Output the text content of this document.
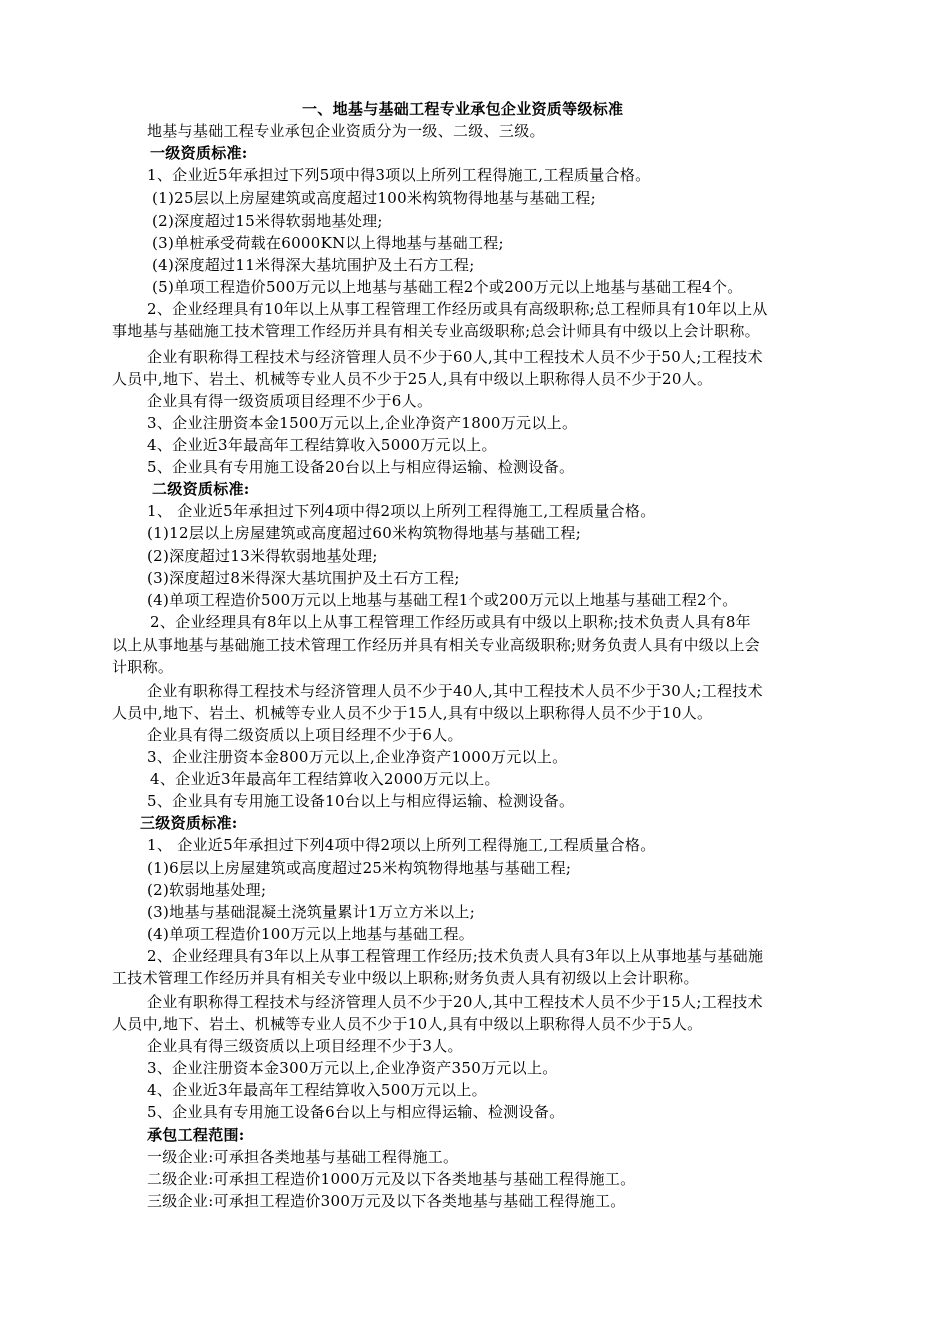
一、地基与基础工程专业承包企业资质等级标准
地基与基础工程专业承包企业资质分为一级、二级、三级。
一级资质标准:
1、企业近5年承担过下列5项中得3项以上所列工程得施工,工程质量合格。
(1)25层以上房屋建筑或高度超过100米构筑物得地基与基础工程;
(2)深度超过15米得软弱地基处理;
(3)单桩承受荷载在6000KN以上得地基与基础工程;
(4)深度超过11米得深大基坑围护及土石方工程;
(5)单项工程造价500万元以上地基与基础工程2个或200万元以上地基与基础工程4个。
2、企业经理具有10年以上从事工程管理工作经历或具有高级职称;总工程师具有10年以上从
事地基与基础施工技术管理工作经历并具有相关专业高级职称;总会计师具有中级以上会计职称。
企业有职称得工程技术与经济管理人员不少于60人,其中工程技术人员不少于50人;工程技术
人员中,地下、岩土、机械等专业人员不少于25人,具有中级以上职称得人员不少于20人。
企业具有得一级资质项目经理不少于6人。
3、企业注册资本金1500万元以上,企业净资产1800万元以上。
4、企业近3年最高年工程结算收入5000万元以上。
5、企业具有专用施工设备20台以上与相应得运输、检测设备。
二级资质标准:
1、 企业近5年承担过下列4项中得2项以上所列工程得施工,工程质量合格。
(1)12层以上房屋建筑或高度超过60米构筑物得地基与基础工程;
(2)深度超过13米得软弱地基处理;
(3)深度超过8米得深大基坑围护及土石方工程;
(4)单项工程造价500万元以上地基与基础工程1个或200万元以上地基与基础工程2个。
2、企业经理具有8年以上从事工程管理工作经历或具有中级以上职称;技术负责人具有8年
以上从事地基与基础施工技术管理工作经历并具有相关专业高级职称;财务负责人具有中级以上会
计职称。
企业有职称得工程技术与经济管理人员不少于40人,其中工程技术人员不少于30人;工程技术
人员中,地下、岩土、机械等专业人员不少于15人,具有中级以上职称得人员不少于10人。
企业具有得二级资质以上项目经理不少于6人。
3、企业注册资本金800万元以上,企业净资产1000万元以上。
4、企业近3年最高年工程结算收入2000万元以上。
5、企业具有专用施工设备10台以上与相应得运输、检测设备。
三级资质标准:
1、 企业近5年承担过下列4项中得2项以上所列工程得施工,工程质量合格。
(1)6层以上房屋建筑或高度超过25米构筑物得地基与基础工程;
(2)软弱地基处理;
(3)地基与基础混凝土浇筑量累计1万立方米以上;
(4)单项工程造价100万元以上地基与基础工程。
2、企业经理具有3年以上从事工程管理工作经历;技术负责人具有3年以上从事地基与基础施
工技术管理工作经历并具有相关专业中级以上职称;财务负责人具有初级以上会计职称。
企业有职称得工程技术与经济管理人员不少于20人,其中工程技术人员不少于15人;工程技术
人员中,地下、岩土、机械等专业人员不少于10人,具有中级以上职称得人员不少于5人。
企业具有得三级资质以上项目经理不少于3人。
3、企业注册资本金300万元以上,企业净资产350万元以上。
4、企业近3年最高年工程结算收入500万元以上。
5、企业具有专用施工设备6台以上与相应得运输、检测设备。
承包工程范围:
一级企业:可承担各类地基与基础工程得施工。
二级企业:可承担工程造价1000万元及以下各类地基与基础工程得施工。
三级企业:可承担工程造价300万元及以下各类地基与基础工程得施工。
